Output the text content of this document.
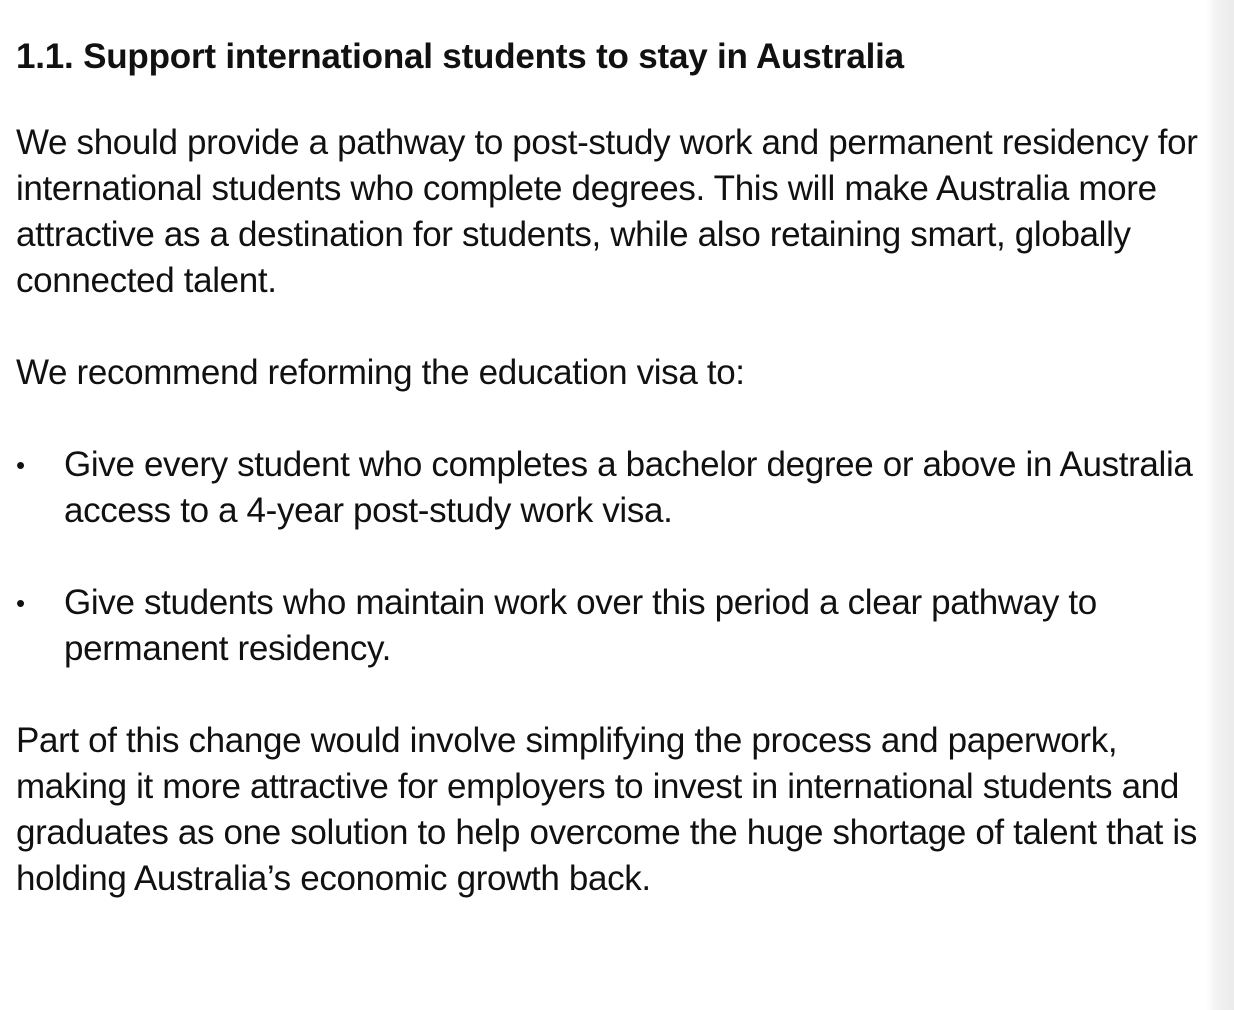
1.1. Support international students to stay in Australia

We should provide a pathway to post-study work and permanent residency for international students who complete degrees. This will make Australia more attractive as a destination for students, while also retaining smart, globally connected talent.

We recommend reforming the education visa to:

• Give every student who completes a bachelor degree or above in Australia access to a 4-year post-study work visa.
• Give students who maintain work over this period a clear pathway to permanent residency.

Part of this change would involve simplifying the process and paperwork, making it more attractive for employers to invest in international students and graduates as one solution to help overcome the huge shortage of talent that is holding Australia’s economic growth back.
